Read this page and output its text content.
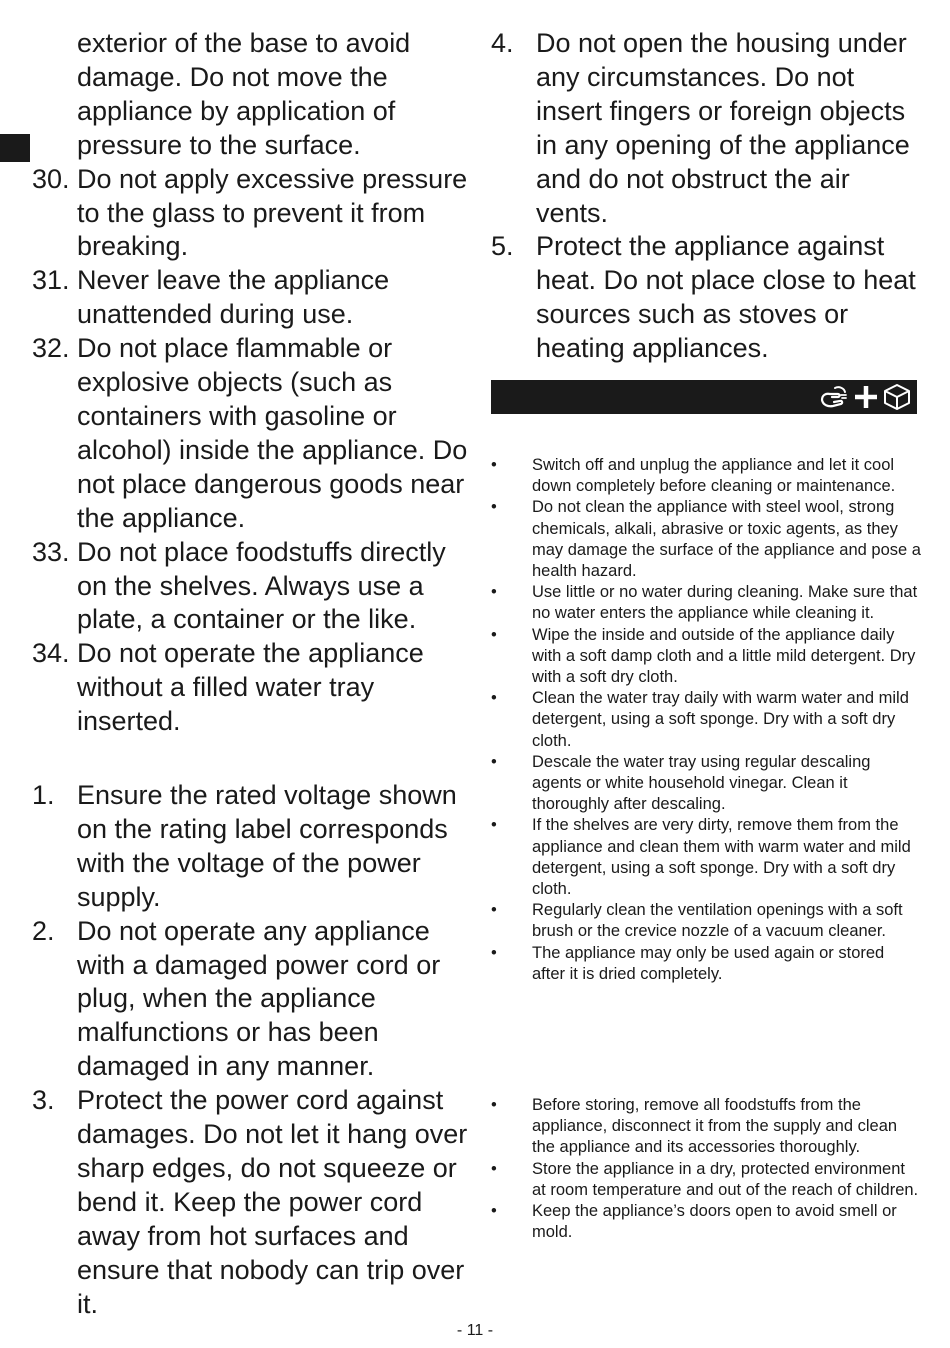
exterior of the base to avoid damage. Do not move the appliance by application of pressure to the surface.
30. Do not apply excessive pressure to the glass to prevent it from breaking.
31. Never leave the appliance unattended during use.
32. Do not place flammable or explosive objects (such as containers with gasoline or alcohol) inside the appliance. Do not place dangerous goods near the appliance.
33. Do not place foodstuffs directly on the shelves. Always use a plate, a container or the like.
34. Do not operate the appliance without a filled water tray inserted.
1. Ensure the rated voltage shown on the rating label corresponds with the voltage of the power supply.
2. Do not operate any appliance with a damaged power cord or plug, when the appliance malfunctions or has been damaged in any manner.
3. Protect the power cord against damages. Do not let it hang over sharp edges, do not squeeze or bend it. Keep the power cord away from hot surfaces and ensure that nobody can trip over it.
4. Do not open the housing under any circumstances. Do not insert fingers or foreign objects in any opening of the appliance and do not obstruct the air vents.
5. Protect the appliance against heat. Do not place close to heat sources such as stoves or heating appliances.
•	Switch off and unplug the appliance and let it cool down completely before cleaning or maintenance.
•	Do not clean the appliance with steel wool, strong chemicals, alkali, abrasive or toxic agents, as they may damage the surface of the appliance and pose a health hazard.
•	Use little or no water during cleaning. Make sure that no water enters the appliance while cleaning it.
•	Wipe the inside and outside of the appliance daily with a soft damp cloth and a little mild detergent. Dry with a soft dry cloth.
•	Clean the water tray daily with warm water and mild detergent, using a soft sponge. Dry with a soft dry cloth.
•	Descale the water tray using regular descaling agents or white household vinegar. Clean it thoroughly after descaling.
•	If the shelves are very dirty, remove them from the appliance and clean them with warm water and mild detergent, using a soft sponge. Dry with a soft dry cloth.
•	Regularly clean the ventilation openings with a soft brush or the crevice nozzle of a vacuum cleaner.
•	The appliance may only be used again or stored after it is dried completely.
•	Before storing, remove all foodstuffs from the appliance, disconnect it from the supply and clean the appliance and its accessories thoroughly.
•	Store the appliance in a dry, protected environment at room temperature and out of the reach of children.
•	Keep the appliance’s doors open to avoid smell or mold.
- 11 -
